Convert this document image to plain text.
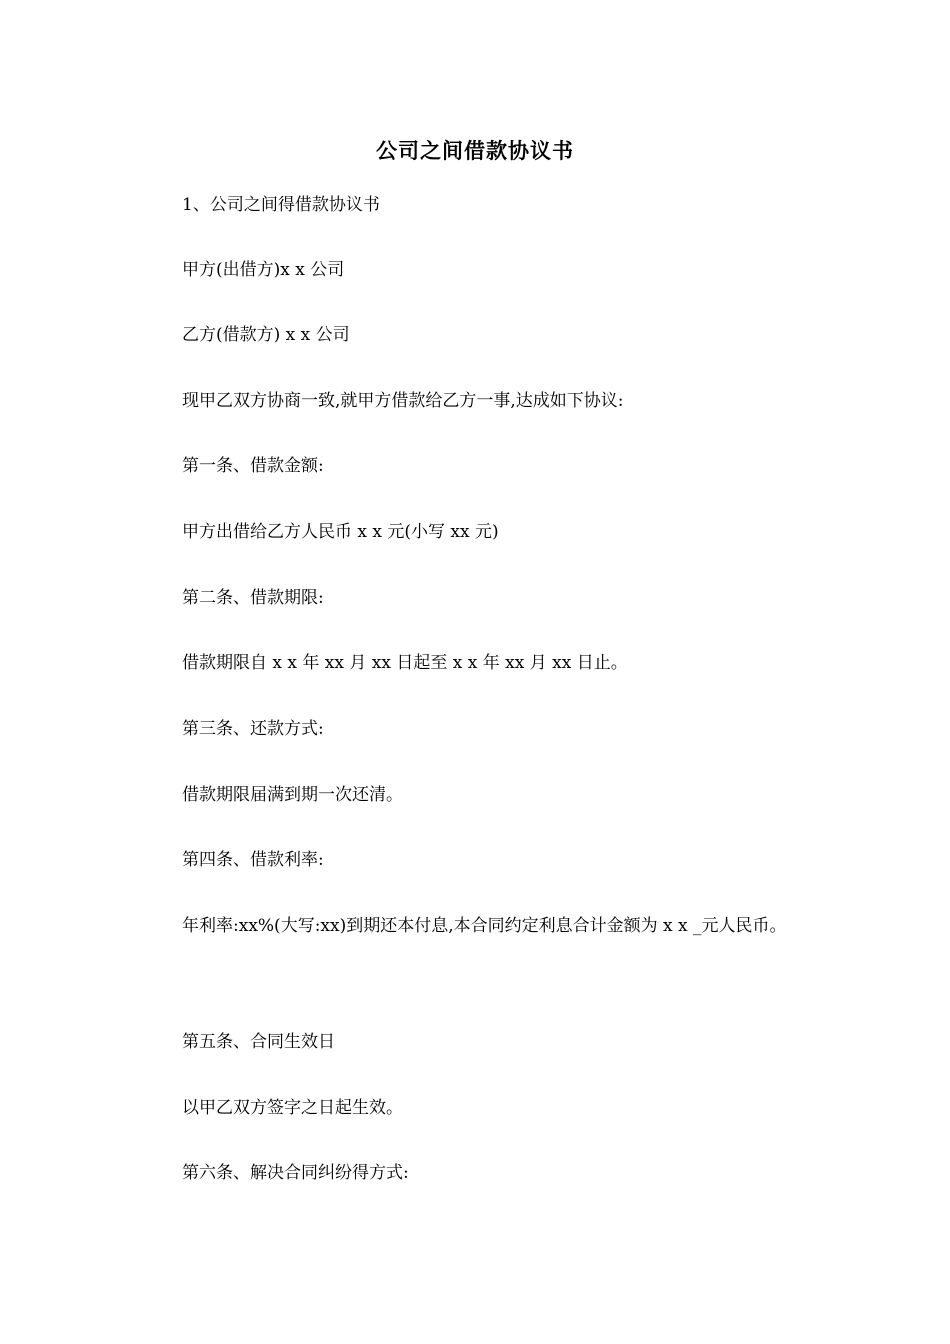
公司之间借款协议书

1、公司之间得借款协议书

甲方(出借方)x x 公司

乙方(借款方) x x 公司

现甲乙双方协商一致,就甲方借款给乙方一事,达成如下协议:

第一条、借款金额:

甲方出借给乙方人民币 x x 元(小写 xx 元)

第二条、借款期限:

借款期限自 x x 年 xx 月 xx 日起至 x x 年 xx 月 xx 日止。

第三条、还款方式:

借款期限届满到期一次还清。

第四条、借款利率:

年利率:xx%(大写:xx)到期还本付息,本合同约定利息合计金额为 x x _元人民币。

第五条、合同生效日

以甲乙双方签字之日起生效。

第六条、解决合同纠纷得方式:
